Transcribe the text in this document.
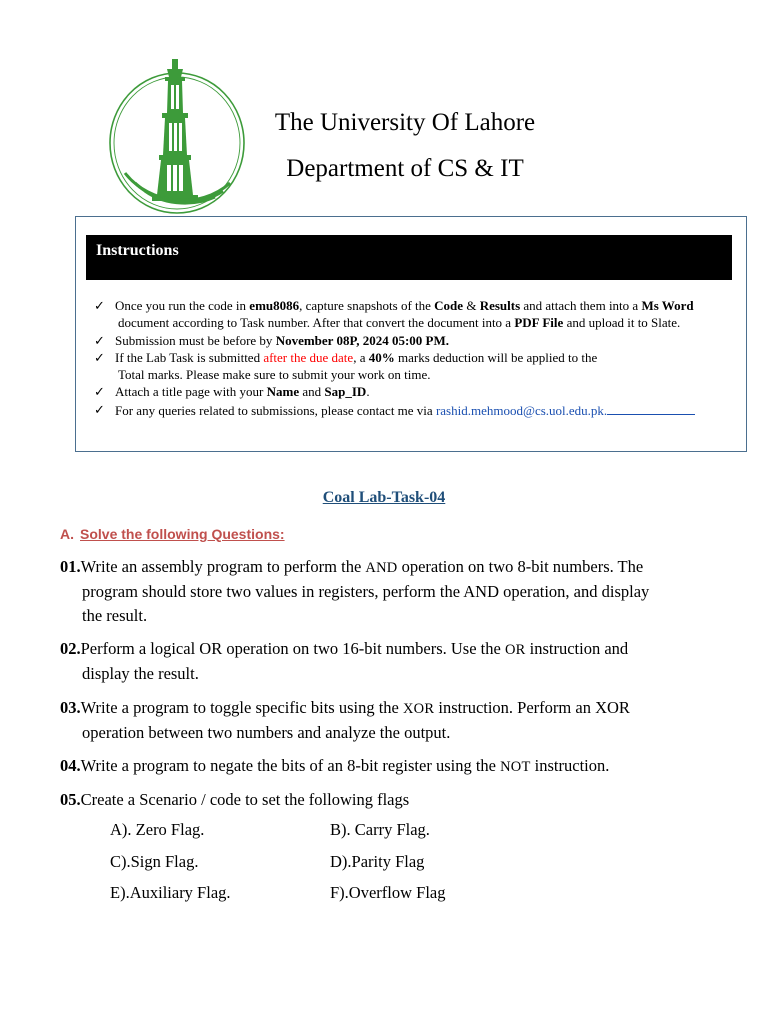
The University Of Lahore
Department of CS & IT
Instructions
✓ Once you run the code in emu8086, capture snapshots of the Code & Results and attach them into a Ms Word
document according to Task number. After that convert the document into a PDF File and upload it to Slate.
✓ Submission must be before by November 08P, 2024 05:00 PM.
✓ If the Lab Task is submitted after the due date, a 40% marks deduction will be applied to the
Total marks. Please make sure to submit your work on time.
✓ Attach a title page with your Name and Sap_ID.
✓ For any queries related to submissions, please contact me via rashid.mehmood@cs.uol.edu.pk.
Coal Lab-Task-04
A. Solve the following Questions:
01.Write an assembly program to perform the AND operation on two 8-bit numbers. The
program should store two values in registers, perform the AND operation, and display
the result.
02.Perform a logical OR operation on two 16-bit numbers. Use the OR instruction and
display the result.
03.Write a program to toggle specific bits using the XOR instruction. Perform an XOR
operation between two numbers and analyze the output.
04.Write a program to negate the bits of an 8-bit register using the NOT instruction.
05.Create a Scenario / code to set the following flags
A). Zero Flag.	B). Carry Flag.
C).Sign Flag.	D).Parity Flag
E).Auxiliary Flag.	F).Overflow Flag
